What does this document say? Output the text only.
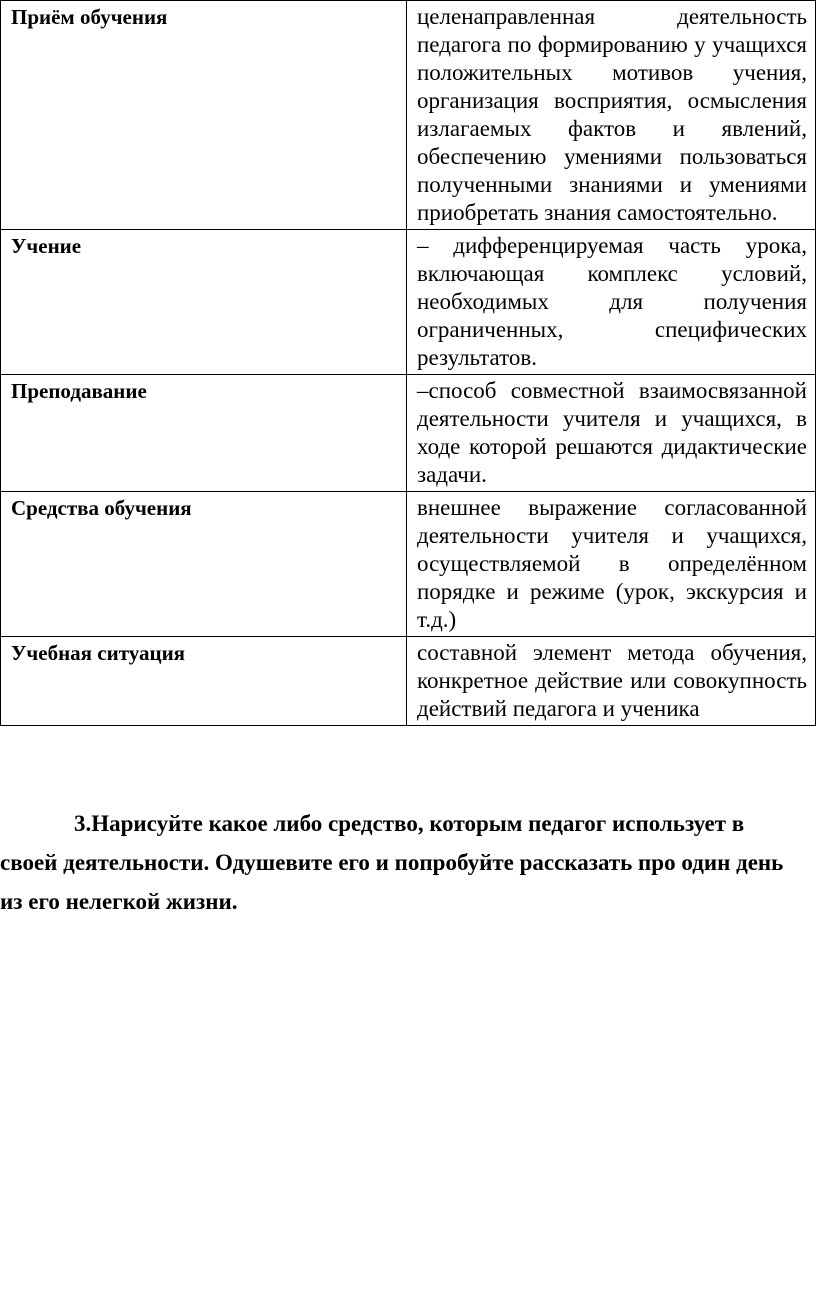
Приём обучения	целенаправленная деятельность педагога по формированию у учащихся положительных мотивов учения, организация восприятия, осмысления излагаемых фактов и явлений, обеспечению умениями пользоваться полученными знаниями и умениями приобретать знания самостоятельно.
Учение	– дифференцируемая часть урока, включающая комплекс условий, необходимых для получения ограниченных, специфических результатов.
Преподавание	–способ совместной взаимосвязанной деятельности учителя и учащихся, в ходе которой решаются дидактические задачи.
Средства обучения	внешнее выражение согласованной деятельности учителя и учащихся, осуществляемой в определённом порядке и режиме (урок, экскурсия и т.д.)
Учебная ситуация	составной элемент метода обучения, конкретное действие или совокупность действий педагога и ученика

3.Нарисуйте какое либо средство, которым педагог использует в своей деятельности. Одушевите его и попробуйте рассказать про один день из его нелегкой жизни.
